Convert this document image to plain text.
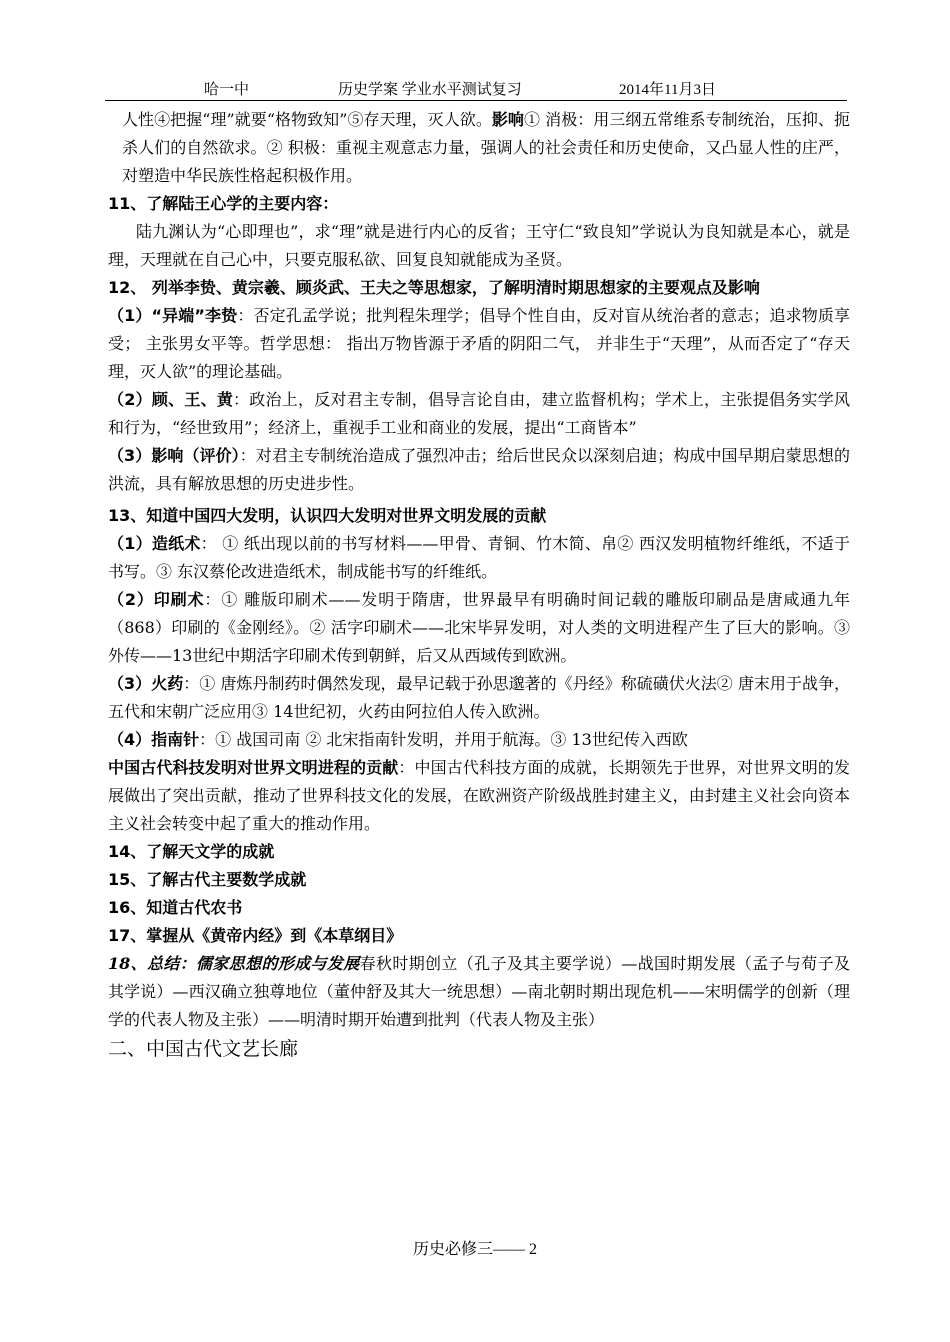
哈一中	历史学案 学业水平测试复习	2014年11月3日

人性④把握“理”就要“格物致知”⑤存天理，灭人欲。影响① 消极：用三纲五常维系专制统治，压抑、扼杀人们的自然欲求。② 积极：重视主观意志力量，强调人的社会责任和历史使命，又凸显人性的庄严，对塑造中华民族性格起积极作用。

11、了解陆王心学的主要内容：

陆九渊认为“心即理也”，求“理”就是进行内心的反省；王守仁“致良知”学说认为良知就是本心，就是理，天理就在自己心中，只要克服私欲、回复良知就能成为圣贤。

12、 列举李贽、黄宗羲、顾炎武、王夫之等思想家，了解明清时期思想家的主要观点及影响

（1）“异端”李贽：否定孔孟学说；批判程朱理学；倡导个性自由，反对盲从统治者的意志；追求物质享受； 主张男女平等。哲学思想： 指出万物皆源于矛盾的阴阳二气， 并非生于“天理”，从而否定了“存天理，灭人欲”的理论基础。

（2）顾、王、黄：政治上，反对君主专制，倡导言论自由，建立监督机构；学术上，主张提倡务实学风和行为，“经世致用”；经济上，重视手工业和商业的发展，提出“工商皆本”

（3）影响（评价）：对君主专制统治造成了强烈冲击；给后世民众以深刻启迪；构成中国早期启蒙思想的洪流，具有解放思想的历史进步性。

13、知道中国四大发明，认识四大发明对世界文明发展的贡献

（1）造纸术： ① 纸出现以前的书写材料——甲骨、青铜、竹木简、帛② 西汉发明植物纤维纸，不适于书写。③ 东汉蔡伦改进造纸术，制成能书写的纤维纸。

（2）印刷术：① 雕版印刷术——发明于隋唐，世界最早有明确时间记载的雕版印刷品是唐咸通九年（868）印刷的《金刚经》。② 活字印刷术——北宋毕昇发明，对人类的文明进程产生了巨大的影响。③ 外传——13世纪中期活字印刷术传到朝鲜，后又从西域传到欧洲。

（3）火药：① 唐炼丹制药时偶然发现，最早记载于孙思邈著的《丹经》称硫磺伏火法② 唐末用于战争，五代和宋朝广泛应用③ 14世纪初，火药由阿拉伯人传入欧洲。

（4）指南针：① 战国司南 ② 北宋指南针发明，并用于航海。③ 13世纪传入西欧

中国古代科技发明对世界文明进程的贡献：中国古代科技方面的成就，长期领先于世界，对世界文明的发展做出了突出贡献，推动了世界科技文化的发展，在欧洲资产阶级战胜封建主义，由封建主义社会向资本主义社会转变中起了重大的推动作用。

14、了解天文学的成就

15、了解古代主要数学成就

16、知道古代农书

17、掌握从《黄帝内经》到《本草纲目》

18、总结：儒家思想的形成与发展春秋时期创立（孔子及其主要学说）—战国时期发展（孟子与荀子及其学说）—西汉确立独尊地位（董仲舒及其大一统思想）—南北朝时期出现危机——宋明儒学的创新（理学的代表人物及主张）——明清时期开始遭到批判（代表人物及主张）

二、中国古代文艺长廊

历史必修三—— 2
